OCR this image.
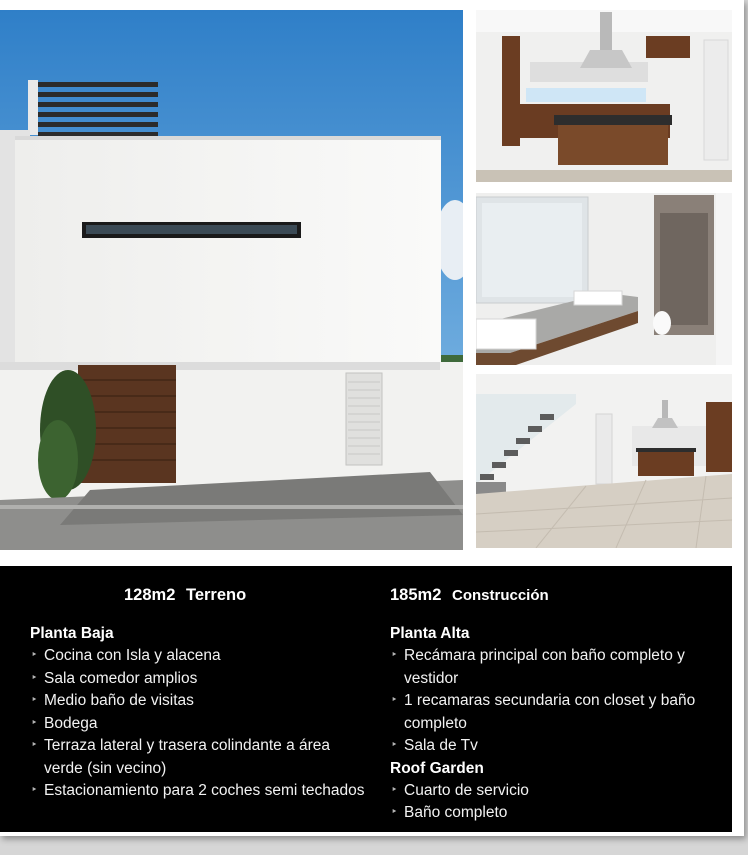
128m2 Terreno
Planta Baja
‣ Cocina con Isla y alacena
‣ Sala comedor amplios
‣ Medio baño de visitas
‣ Bodega
‣ Terraza lateral y trasera colindante a área verde (sin vecino)
‣ Estacionamiento para 2 coches semi techados
185m2 Construcción
Planta Alta
‣ Recámara principal con baño completo y vestidor
‣ 1 recamaras secundaria con closet y baño completo
‣ Sala de Tv
Roof Garden
‣ Cuarto de servicio
‣ Baño completo
